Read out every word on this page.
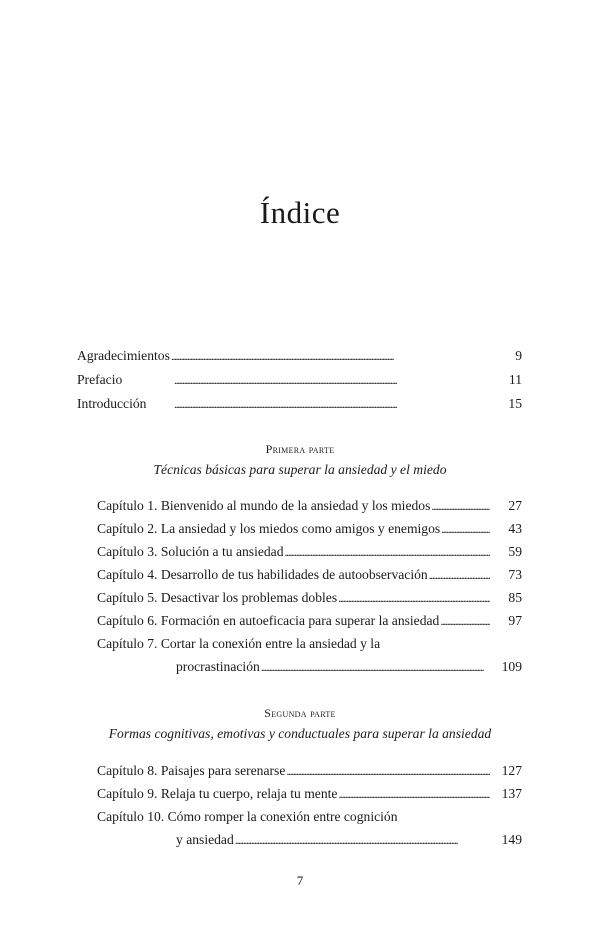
Índice
Agradecimientos . . .	9
Prefacio . . .	11
Introducción . . .	15
Primera parte
Técnicas básicas para superar la ansiedad y el miedo
Capítulo 1. Bienvenido al mundo de la ansiedad y los miedos . . .	27
Capítulo 2. La ansiedad y los miedos como amigos y enemigos . . .	43
Capítulo 3. Solución a tu ansiedad . . .	59
Capítulo 4. Desarrollo de tus habilidades de autoobservación . . .	73
Capítulo 5. Desactivar los problemas dobles . . .	85
Capítulo 6. Formación en autoeficacia para superar la ansiedad . . .	97
Capítulo 7. Cortar la conexión entre la ansiedad y la
procrastinación . . .	109
Segunda parte
Formas cognitivas, emotivas y conductuales para superar la ansiedad
Capítulo 8. Paisajes para serenarse . . .	127
Capítulo 9. Relaja tu cuerpo, relaja tu mente . . .	137
Capítulo 10. Cómo romper la conexión entre cognición
y ansiedad . . .	149
7
